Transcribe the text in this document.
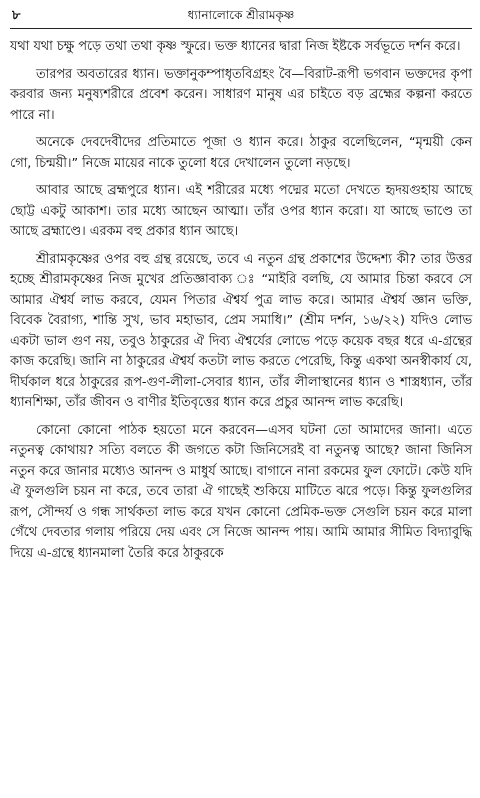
৮	ধ্যানালোকে শ্রীরামকৃষ্ণ

যথা যথা চক্ষু পড়ে তথা তথা কৃষ্ণ স্ফুরে। ভক্ত ধ্যানের দ্বারা নিজ ইষ্টকে সর্বভূতে দর্শন করে।

তারপর অবতারের ধ্যান। ভক্তানুকম্পাধৃতবিগ্রহং বৈ—বিরাট-রূপী ভগবান ভক্তদের কৃপা করবার জন্য মনুষ্যশরীরে প্রবেশ করেন। সাধারণ মানুষ এর চাইতে বড় ব্রহ্মের কল্পনা করতে পারে না।

অনেকে দেবদেবীদের প্রতিমাতে পূজা ও ধ্যান করে। ঠাকুর বলেছিলেন, “মৃন্ময়ী কেন গো, চিন্ময়ী।” নিজে মায়ের নাকে তুলো ধরে দেখালেন তুলো নড়ছে।

আবার আছে ব্রহ্মপুরে ধ্যান। এই শরীরের মধ্যে পদ্মের মতো দেখতে হৃদয়গুহায় আছে ছোট্ট একটু আকাশ। তার মধ্যে আছেন আত্মা। তাঁর ওপর ধ্যান করো। যা আছে ভাণ্ডে তা আছে ব্রহ্মাণ্ডে। এরকম বহু প্রকার ধ্যান আছে।

শ্রীরামকৃষ্ণের ওপর বহু গ্রন্থ রয়েছে, তবে এ নতুন গ্রন্থ প্রকাশের উদ্দেশ্য কী? তার উত্তর হচ্ছে শ্রীরামকৃষ্ণের নিজ মুখের প্রতিজ্ঞাবাক্য ঃ “মাইরি বলছি, যে আমার চিন্তা করবে সে আমার ঐশ্বর্য লাভ করবে, যেমন পিতার ঐশ্বর্য পুত্র লাভ করে। আমার ঐশ্বর্য জ্ঞান ভক্তি, বিবেক বৈরাগ্য, শান্তি সুখ, ভাব মহাভাব, প্রেম সমাধি।” (শ্রীম দর্শন, ১৬/২২) যদিও লোভ একটা ভাল গুণ নয়, তবুও ঠাকুরের ঐ দিব্য ঐশ্বর্যের লোভে পড়ে কয়েক বছর ধরে এ-গ্রন্থের কাজ করেছি। জানি না ঠাকুরের ঐশ্বর্য কতটা লাভ করতে পেরেছি, কিন্তু একথা অনস্বীকার্য যে, দীর্ঘকাল ধরে ঠাকুরের রূপ-গুণ-লীলা-সেবার ধ্যান, তাঁর লীলাস্থানের ধ্যান ও শাস্ত্রধ্যান, তাঁর ধ্যানশিক্ষা, তাঁর জীবন ও বাণীর ইতিবৃত্তের ধ্যান করে প্রচুর আনন্দ লাভ করেছি।

কোনো কোনো পাঠক হয়তো মনে করবেন—এসব ঘটনা তো আমাদের জানা। এতে নতুনত্ব কোথায়? সত্যি বলতে কী জগতে কটা জিনিসেরই বা নতুনত্ব আছে? জানা জিনিস নতুন করে জানার মধ্যেও আনন্দ ও মাধুর্য আছে। বাগানে নানা রকমের ফুল ফোটে। কেউ যদি ঐ ফুলগুলি চয়ন না করে, তবে তারা ঐ গাছেই শুকিয়ে মাটিতে ঝরে পড়ে। কিন্তু ফুলগুলির রূপ, সৌন্দর্য ও গন্ধ সার্থকতা লাভ করে যখন কোনো প্রেমিক-ভক্ত সেগুলি চয়ন করে মালা গেঁথে দেবতার গলায় পরিয়ে দেয় এবং সে নিজে আনন্দ পায়। আমি আমার সীমিত বিদ্যাবুদ্ধি দিয়ে এ-গ্রন্থে ধ্যানমালা তৈরি করে ঠাকুরকে
